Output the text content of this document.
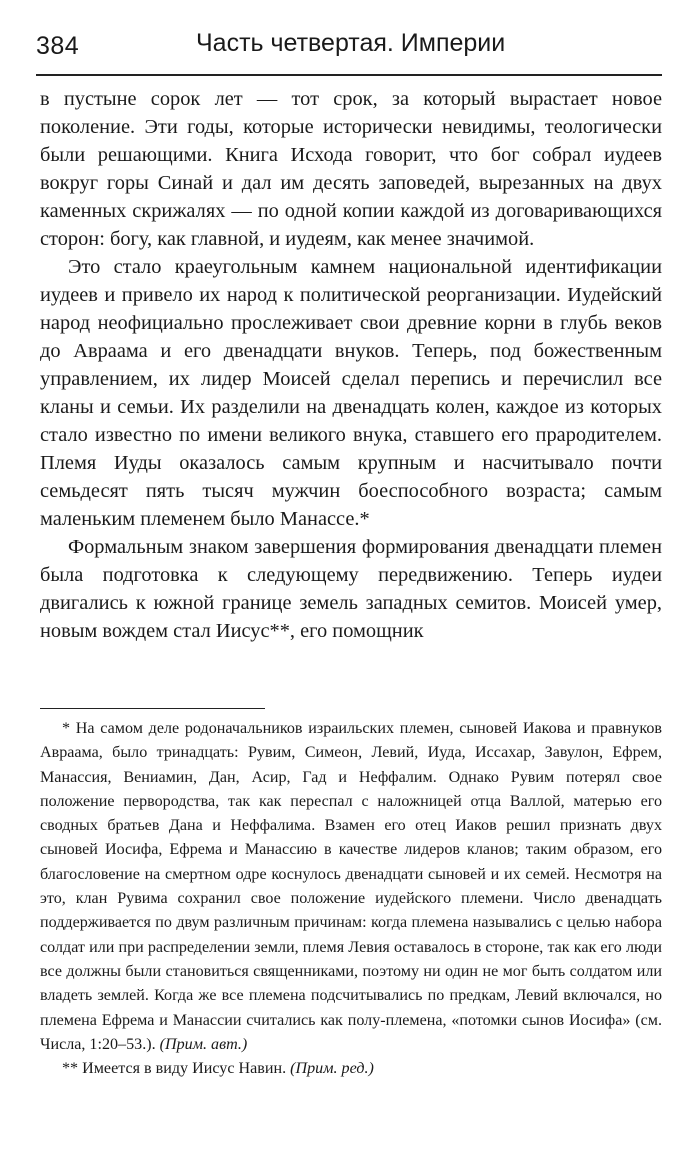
384	Часть четвертая. Империи

в пустыне сорок лет — тот срок, за который вырастает новое поколение. Эти годы, которые исторически невидимы, теологически были решающими. Книга Исхода говорит, что бог собрал иудеев вокруг горы Синай и дал им десять заповедей, вырезанных на двух каменных скрижалях — по одной копии каждой из договаривающихся сторон: богу, как главной, и иудеям, как менее значимой.

Это стало краеугольным камнем национальной идентификации иудеев и привело их народ к политической реорганизации. Иудейский народ неофициально прослеживает свои древние корни в глубь веков до Авраама и его двенадцати внуков. Теперь, под божественным управлением, их лидер Моисей сделал перепись и перечислил все кланы и семьи. Их разделили на двенадцать колен, каждое из которых стало известно по имени великого внука, ставшего его прародителем. Племя Иуды оказалось самым крупным и насчитывало почти семьдесят пять тысяч мужчин боеспособного возраста; самым маленьким племенем было Манассе.*

Формальным знаком завершения формирования двенадцати племен была подготовка к следующему передвижению. Теперь иудеи двигались к южной границе земель западных семитов. Моисей умер, новым вождем стал Иисус**, его помощник

* На самом деле родоначальников израильских племен, сыновей Иакова и правнуков Авраама, было тринадцать: Рувим, Симеон, Левий, Иуда, Иссахар, Завулон, Ефрем, Манассия, Вениамин, Дан, Асир, Гад и Неффалим. Однако Рувим потерял свое положение первородства, так как переспал с наложницей отца Валлой, матерью его сводных братьев Дана и Неффалима. Взамен его отец Иаков решил признать двух сыновей Иосифа, Ефрема и Манассию в качестве лидеров кланов; таким образом, его благословение на смертном одре коснулось двенадцати сыновей и их семей. Несмотря на это, клан Рувима сохранил свое положение иудейского племени. Число двенадцать поддерживается по двум различным причинам: когда племена назывались с целью набора солдат или при распределении земли, племя Левия оставалось в стороне, так как его люди все должны были становиться священниками, поэтому ни один не мог быть солдатом или владеть землей. Когда же все племена подсчитывались по предкам, Левий включался, но племена Ефрема и Манассии считались как полу-племена, «потомки сынов Иосифа» (см. Числа, 1:20–53.). (Прим. авт.)

** Имеется в виду Иисус Навин. (Прим. ред.)
